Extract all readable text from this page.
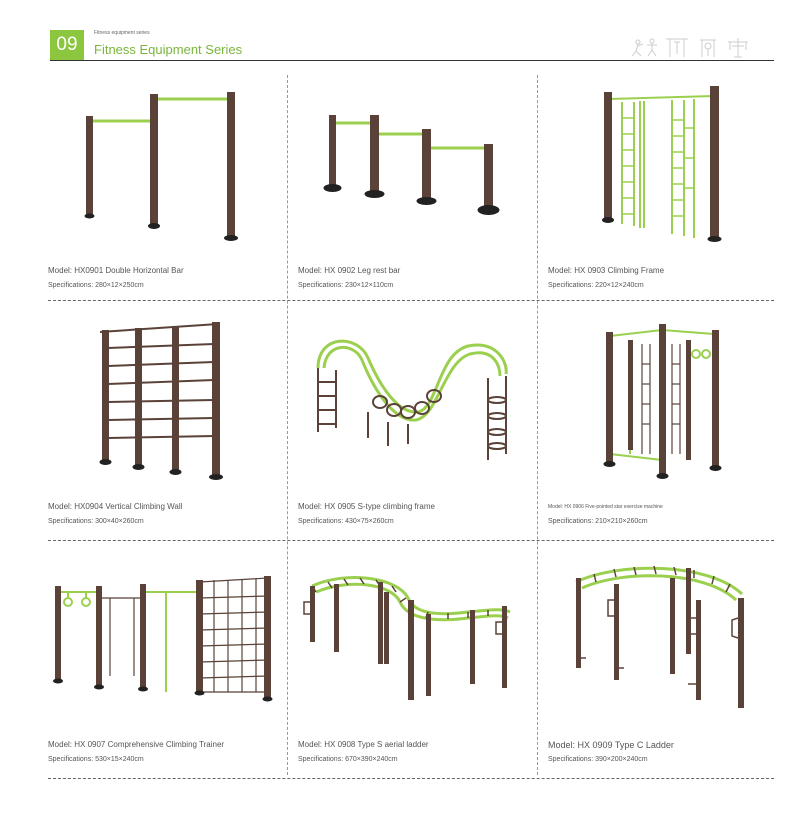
09
Fitness equipment series
Fitness Equipment Series
Model: HX0901 Double Horizontal Bar
Specifications: 280×12×250cm
Model: HX 0902 Leg rest bar
Specifications: 230×12×110cm
Model: HX 0903 Climbing Frame
Specifications: 220×12×240cm
Model: HX0904 Vertical Climbing Wall
Specifications: 300×40×260cm
Model: HX 0905 S-type climbing frame
Specifications: 430×75×260cm
Model: HX 0906 Five-pointed star exercise machine
Specifications: 210×210×260cm
Model: HX 0907 Comprehensive Climbing Trainer
Specifications: 530×15×240cm
Model: HX 0908 Type S aerial ladder
Specifications: 670×390×240cm
Model: HX 0909 Type C Ladder
Specifications: 390×200×240cm
